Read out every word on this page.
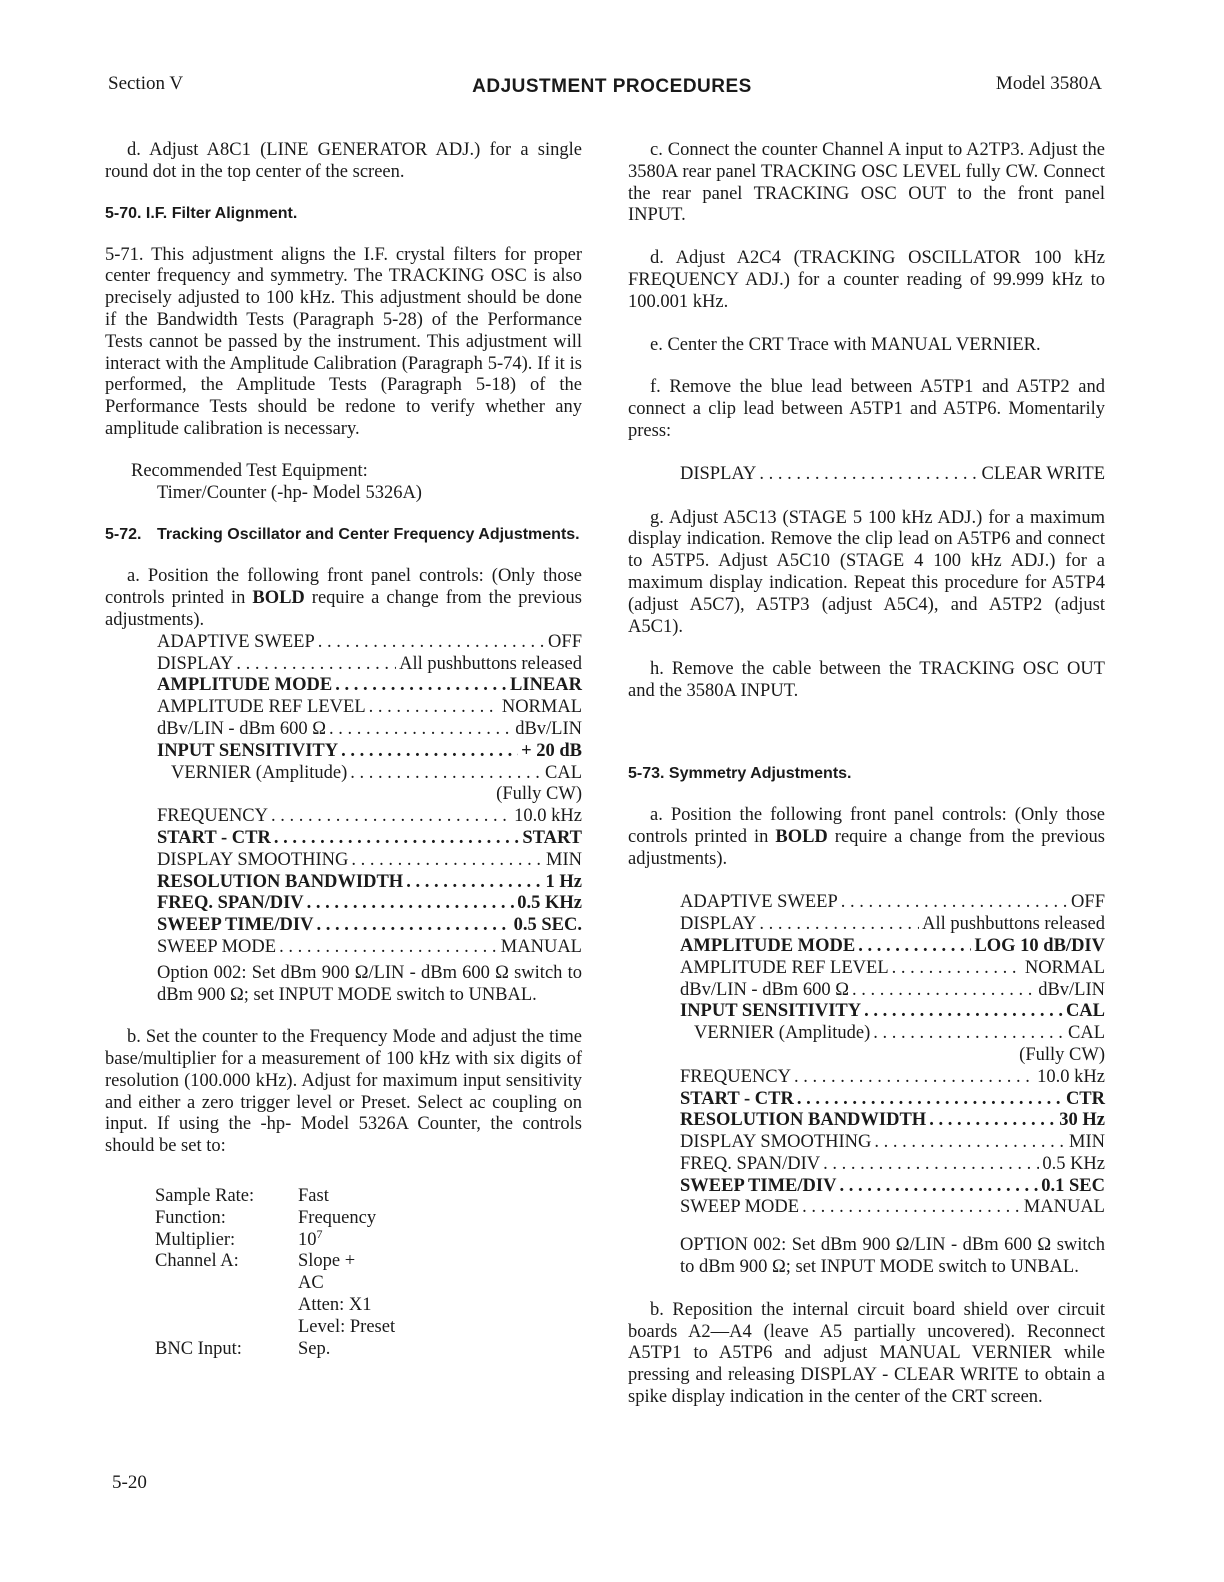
Section V	ADJUSTMENT PROCEDURES	Model 3580A

d. Adjust A8C1 (LINE GENERATOR ADJ.) for a single round dot in the top center of the screen.

5-70. I.F. Filter Alignment.

5-71. This adjustment aligns the I.F. crystal filters for proper center frequency and symmetry. The TRACKING OSC is also precisely adjusted to 100 kHz. This adjustment should be done if the Bandwidth Tests (Paragraph 5-28) of the Performance Tests cannot be passed by the instrument. This adjustment will interact with the Amplitude Calibration (Paragraph 5-74). If it is performed, the Amplitude Tests (Paragraph 5-18) of the Performance Tests should be redone to verify whether any amplitude calibration is necessary.

Recommended Test Equipment:

Timer/Counter (-hp- Model 5326A)

5-72. Tracking Oscillator and Center Frequency Adjustments.

a. Position the following front panel controls: (Only those controls printed in BOLD require a change from the previous adjustments).

ADAPTIVE SWEEP . . .	OFF
DISPLAY . . .	All pushbuttons released
AMPLITUDE MODE . . .	LINEAR
AMPLITUDE REF LEVEL . . .	NORMAL
dBv/LIN - dBm 600 Ω . . .	dBv/LIN
INPUT SENSITIVITY . . .	+ 20 dB
VERNIER (Amplitude) . . .	CAL
(Fully CW)
FREQUENCY . . .	10.0 kHz
START - CTR . . .	START
DISPLAY SMOOTHING . . .	MIN
RESOLUTION BANDWIDTH . . .	1 Hz
FREQ. SPAN/DIV . . .	0.5 KHz
SWEEP TIME/DIV . . .	0.5 SEC.
SWEEP MODE . . .	MANUAL

Option 002: Set dBm 900 Ω/LIN - dBm 600 Ω switch to dBm 900 Ω; set INPUT MODE switch to UNBAL.

b. Set the counter to the Frequency Mode and adjust the time base/multiplier for a measurement of 100 kHz with six digits of resolution (100.000 kHz). Adjust for maximum input sensitivity and either a zero trigger level or Preset. Select ac coupling on input. If using the -hp- Model 5326A Counter, the controls should be set to:

Sample Rate:	Fast
Function:	Frequency
Multiplier:	$10^7$
Channel A:	Slope +
AC
Atten: X1
Level: Preset
BNC Input:	Sep.

c. Connect the counter Channel A input to A2TP3. Adjust the 3580A rear panel TRACKING OSC LEVEL fully CW. Connect the rear panel TRACKING OSC OUT to the front panel INPUT.

d. Adjust A2C4 (TRACKING OSCILLATOR 100 kHz FREQUENCY ADJ.) for a counter reading of 99.999 kHz to 100.001 kHz.

e. Center the CRT Trace with MANUAL VERNIER.

f. Remove the blue lead between A5TP1 and A5TP2 and connect a clip lead between A5TP1 and A5TP6. Momentarily press:

DISPLAY . . .	CLEAR WRITE

g. Adjust A5C13 (STAGE 5 100 kHz ADJ.) for a maximum display indication. Remove the clip lead on A5TP6 and connect to A5TP5. Adjust A5C10 (STAGE 4 100 kHz ADJ.) for a maximum display indication. Repeat this procedure for A5TP4 (adjust A5C7), A5TP3 (adjust A5C4), and A5TP2 (adjust A5C1).

h. Remove the cable between the TRACKING OSC OUT and the 3580A INPUT.

5-73. Symmetry Adjustments.

a. Position the following front panel controls: (Only those controls printed in BOLD require a change from the previous adjustments).

ADAPTIVE SWEEP . . .	OFF
DISPLAY . . .	All pushbuttons released
AMPLITUDE MODE . . .	LOG 10 dB/DIV
AMPLITUDE REF LEVEL . . .	NORMAL
dBv/LIN - dBm 600 Ω . . .	dBv/LIN
INPUT SENSITIVITY . . .	CAL
VERNIER (Amplitude) . . .	CAL
(Fully CW)
FREQUENCY . . .	10.0 kHz
START - CTR . . .	CTR
RESOLUTION BANDWIDTH . . .	30 Hz
DISPLAY SMOOTHING . . .	MIN
FREQ. SPAN/DIV . . .	0.5 KHz
SWEEP TIME/DIV . . .	0.1 SEC
SWEEP MODE . . .	MANUAL

OPTION 002: Set dBm 900 Ω/LIN - dBm 600 Ω switch to dBm 900 Ω; set INPUT MODE switch to UNBAL.

b. Reposition the internal circuit board shield over circuit boards A2—A4 (leave A5 partially uncovered). Reconnect A5TP1 to A5TP6 and adjust MANUAL VERNIER while pressing and releasing DISPLAY - CLEAR WRITE to obtain a spike display indication in the center of the CRT screen.

5-20
